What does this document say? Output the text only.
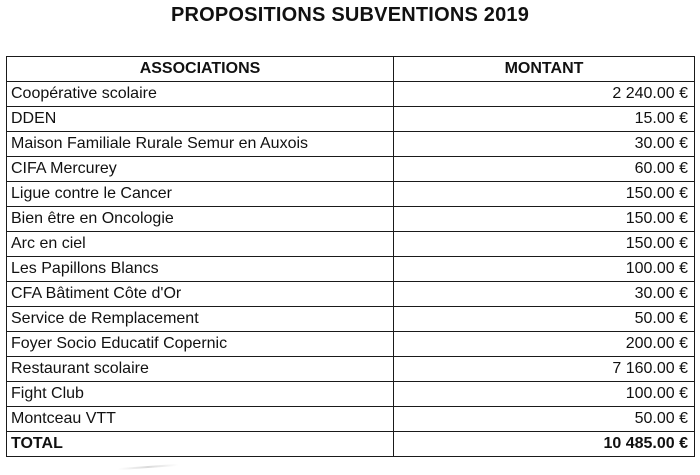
PROPOSITIONS SUBVENTIONS 2019
ASSOCIATIONS	MONTANT
Coopérative scolaire	2 240.00 €
DDEN	15.00 €
Maison Familiale Rurale Semur en Auxois	30.00 €
CIFA Mercurey	60.00 €
Ligue contre le Cancer	150.00 €
Bien être en Oncologie	150.00 €
Arc en ciel	150.00 €
Les Papillons Blancs	100.00 €
CFA Bâtiment Côte d'Or	30.00 €
Service de Remplacement	50.00 €
Foyer Socio Educatif Copernic	200.00 €
Restaurant scolaire	7 160.00 €
Fight Club	100.00 €
Montceau VTT	50.00 €
TOTAL	10 485.00 €
